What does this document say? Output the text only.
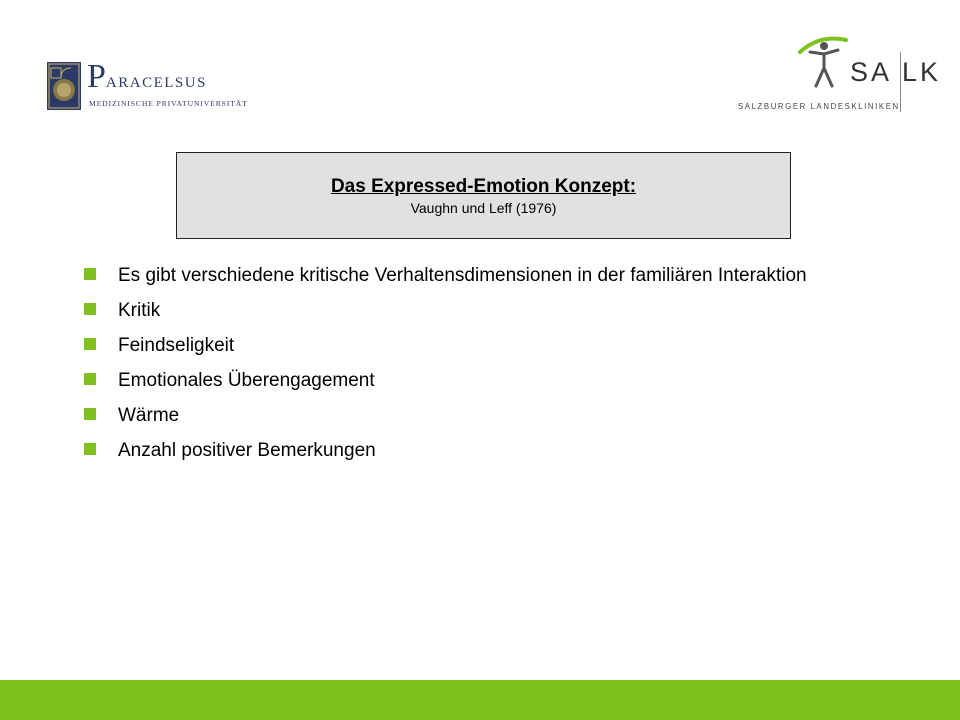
PARACELSUS
MEDIZINISCHE PRIVATUNIVERSITÄT
SA LK
SALZBURGER LANDESKLINIKEN
Das Expressed-Emotion Konzept:
Vaughn und Leff (1976)
Es gibt verschiedene kritische Verhaltensdimensionen in der familiären Interaktion
Kritik
Feindseligkeit
Emotionales Überengagement
Wärme
Anzahl positiver Bemerkungen
